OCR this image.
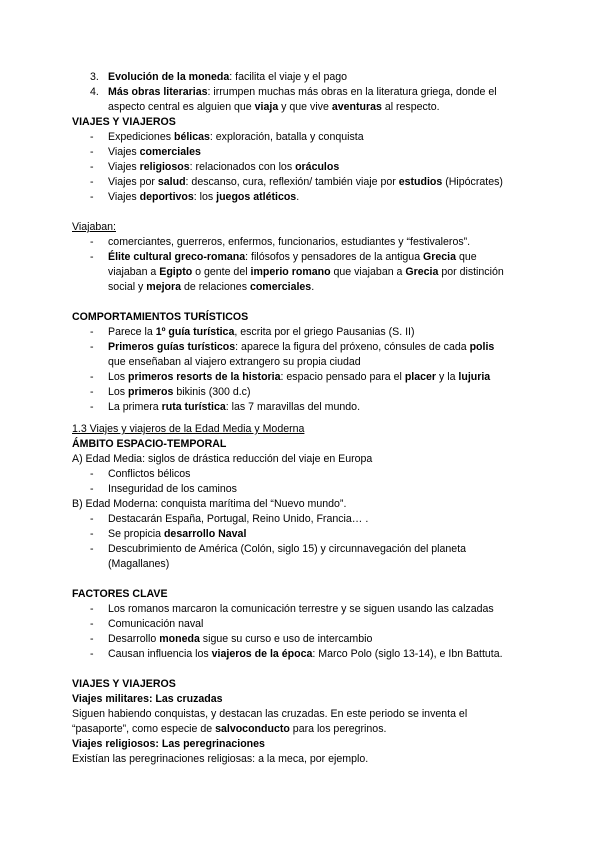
3. Evolución de la moneda: facilita el viaje y el pago
4. Más obras literarias: irrumpen muchas más obras en la literatura griega, donde el
aspecto central es alguien que viaja y que vive aventuras al respecto.
VIAJES Y VIAJEROS
-	Expediciones bélicas: exploración, batalla y conquista
-	Viajes comerciales
-	Viajes religiosos: relacionados con los oráculos
-	Viajes por salud: descanso, cura, reflexión/ también viaje por estudios (Hipócrates)
-	Viajes deportivos: los juegos atléticos.
Viajaban:
-	comerciantes, guerreros, enfermos, funcionarios, estudiantes y “festivaleros”.
-	Élite cultural greco-romana: filósofos y pensadores de la antigua Grecia que
viajaban a Egipto o gente del imperio romano que viajaban a Grecia por distinción
social y mejora de relaciones comerciales.
COMPORTAMIENTOS TURÍSTICOS
-	Parece la 1º guía turística, escrita por el griego Pausanias (S. II)
-	Primeros guías turísticos: aparece la figura del próxeno, cónsules de cada polis
que enseñaban al viajero extrangero su propia ciudad
-	Los primeros resorts de la historia: espacio pensado para el placer y la lujuria
-	Los primeros bikinis (300 d.c)
-	La primera ruta turística: las 7 maravillas del mundo.
1.3 Viajes y viajeros de la Edad Media y Moderna
ÁMBITO ESPACIO-TEMPORAL
A) Edad Media: siglos de drástica reducción del viaje en Europa
-	Conflictos bélicos
-	Inseguridad de los caminos
B) Edad Moderna: conquista marítima del “Nuevo mundo”.
-	Destacarán España, Portugal, Reino Unido, Francia… .
-	Se propicia desarrollo Naval
-	Descubrimiento de América (Colón, siglo 15) y circunnavegación del planeta
(Magallanes)
FACTORES CLAVE
-	Los romanos marcaron la comunicación terrestre y se siguen usando las calzadas
-	Comunicación naval
-	Desarrollo moneda sigue su curso e uso de intercambio
-	Causan influencia los viajeros de la época: Marco Polo (siglo 13-14), e Ibn Battuta.
VIAJES Y VIAJEROS
Viajes militares: Las cruzadas
Siguen habiendo conquistas, y destacan las cruzadas. En este periodo se inventa el
“pasaporte”, como especie de salvoconducto para los peregrinos.
Viajes religiosos: Las peregrinaciones
Existían las peregrinaciones religiosas: a la meca, por ejemplo.
